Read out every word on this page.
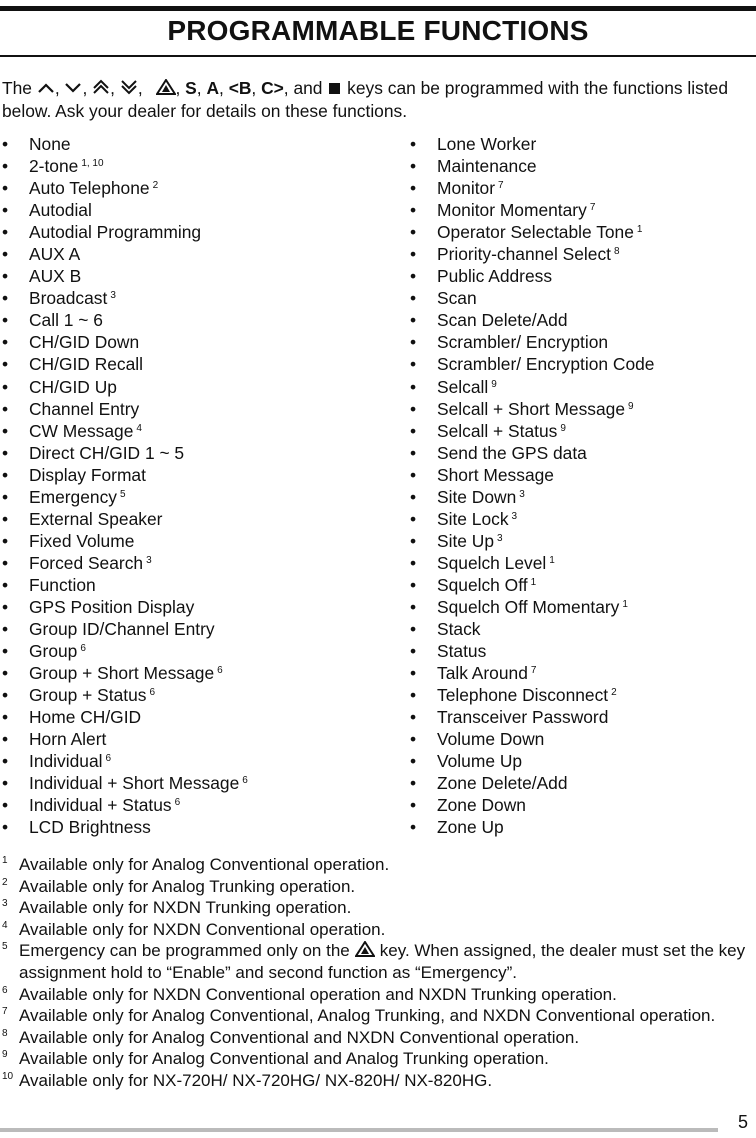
PROGRAMMABLE FUNCTIONS
The , , , , , S, A, <B, C>, and  keys can be programmed with the functions listed below. Ask your dealer for details on these functions.
• None
• 2-tone $^{1, 10}$
• Auto Telephone $^2$
• Autodial
• Autodial Programming
• AUX A
• AUX B
• Broadcast $^3$
• Call 1 ~ 6
• CH/GID Down
• CH/GID Recall
• CH/GID Up
• Channel Entry
• CW Message $^4$
• Direct CH/GID 1 ~ 5
• Display Format
• Emergency $^5$
• External Speaker
• Fixed Volume
• Forced Search $^3$
• Function
• GPS Position Display
• Group ID/Channel Entry
• Group $^6$
• Group + Short Message $^6$
• Group + Status $^6$
• Home CH/GID
• Horn Alert
• Individual $^6$
• Individual + Short Message $^6$
• Individual + Status $^6$
• LCD Brightness
• Lone Worker
• Maintenance
• Monitor $^7$
• Monitor Momentary $^7$
• Operator Selectable Tone $^1$
• Priority-channel Select $^8$
• Public Address
• Scan
• Scan Delete/Add
• Scrambler/ Encryption
• Scrambler/ Encryption Code
• Selcall $^9$
• Selcall + Short Message $^9$
• Selcall + Status $^9$
• Send the GPS data
• Short Message
• Site Down $^3$
• Site Lock $^3$
• Site Up $^3$
• Squelch Level $^1$
• Squelch Off $^1$
• Squelch Off Momentary $^1$
• Stack
• Status
• Talk Around $^7$
• Telephone Disconnect $^2$
• Transceiver Password
• Volume Down
• Volume Up
• Zone Delete/Add
• Zone Down
• Zone Up
1 Available only for Analog Conventional operation.
2 Available only for Analog Trunking operation.
3 Available only for NXDN Trunking operation.
4 Available only for NXDN Conventional operation.
5 Emergency can be programmed only on the key. When assigned, the dealer must set the key assignment hold to “Enable” and second function as “Emergency”.
6 Available only for NXDN Conventional operation and NXDN Trunking operation.
7 Available only for Analog Conventional, Analog Trunking, and NXDN Conventional operation.
8 Available only for Analog Conventional and NXDN Conventional operation.
9 Available only for Analog Conventional and Analog Trunking operation.
10 Available only for NX-720H/ NX-720HG/ NX-820H/ NX-820HG.
5
